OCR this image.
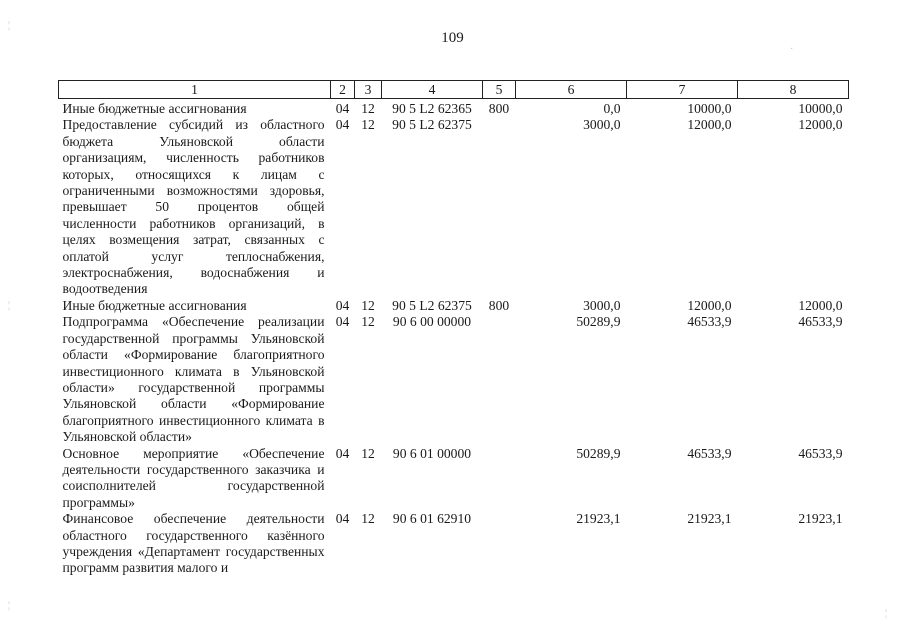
109
¦
¦
¦
·
¦
1	2	3	4	5	6	7	8
Иные бюджетные ассигнования	04	12	90 5 L2 62365	800	0,0	10000,0	10000,0
Предоставление субсидий из областного бюджета Ульяновской области организациям, численность работников которых, относящихся к лицам с ограниченными возможностями здоровья, превышает 50 процентов общей численности работников организаций, в целях возмещения затрат, связанных с оплатой услуг теплоснабжения, электроснабжения, водоснабжения и водоотведения	04	12	90 5 L2 62375		3000,0	12000,0	12000,0
Иные бюджетные ассигнования	04	12	90 5 L2 62375	800	3000,0	12000,0	12000,0
Подпрограмма «Обеспечение реализации государственной программы Ульяновской области «Формирование благоприятного инвестиционного климата в Ульяновской области» государственной программы Ульяновской области «Формирование благоприятного инвестиционного климата в Ульяновской области»	04	12	90 6 00 00000		50289,9	46533,9	46533,9
Основное мероприятие «Обеспечение деятельности государственного заказчика и соисполнителей государственной программы»	04	12	90 6 01 00000		50289,9	46533,9	46533,9
Финансовое обеспечение деятельности областного государственного казённого учреждения «Департамент государственных программ развития малого и	04	12	90 6 01 62910		21923,1	21923,1	21923,1
